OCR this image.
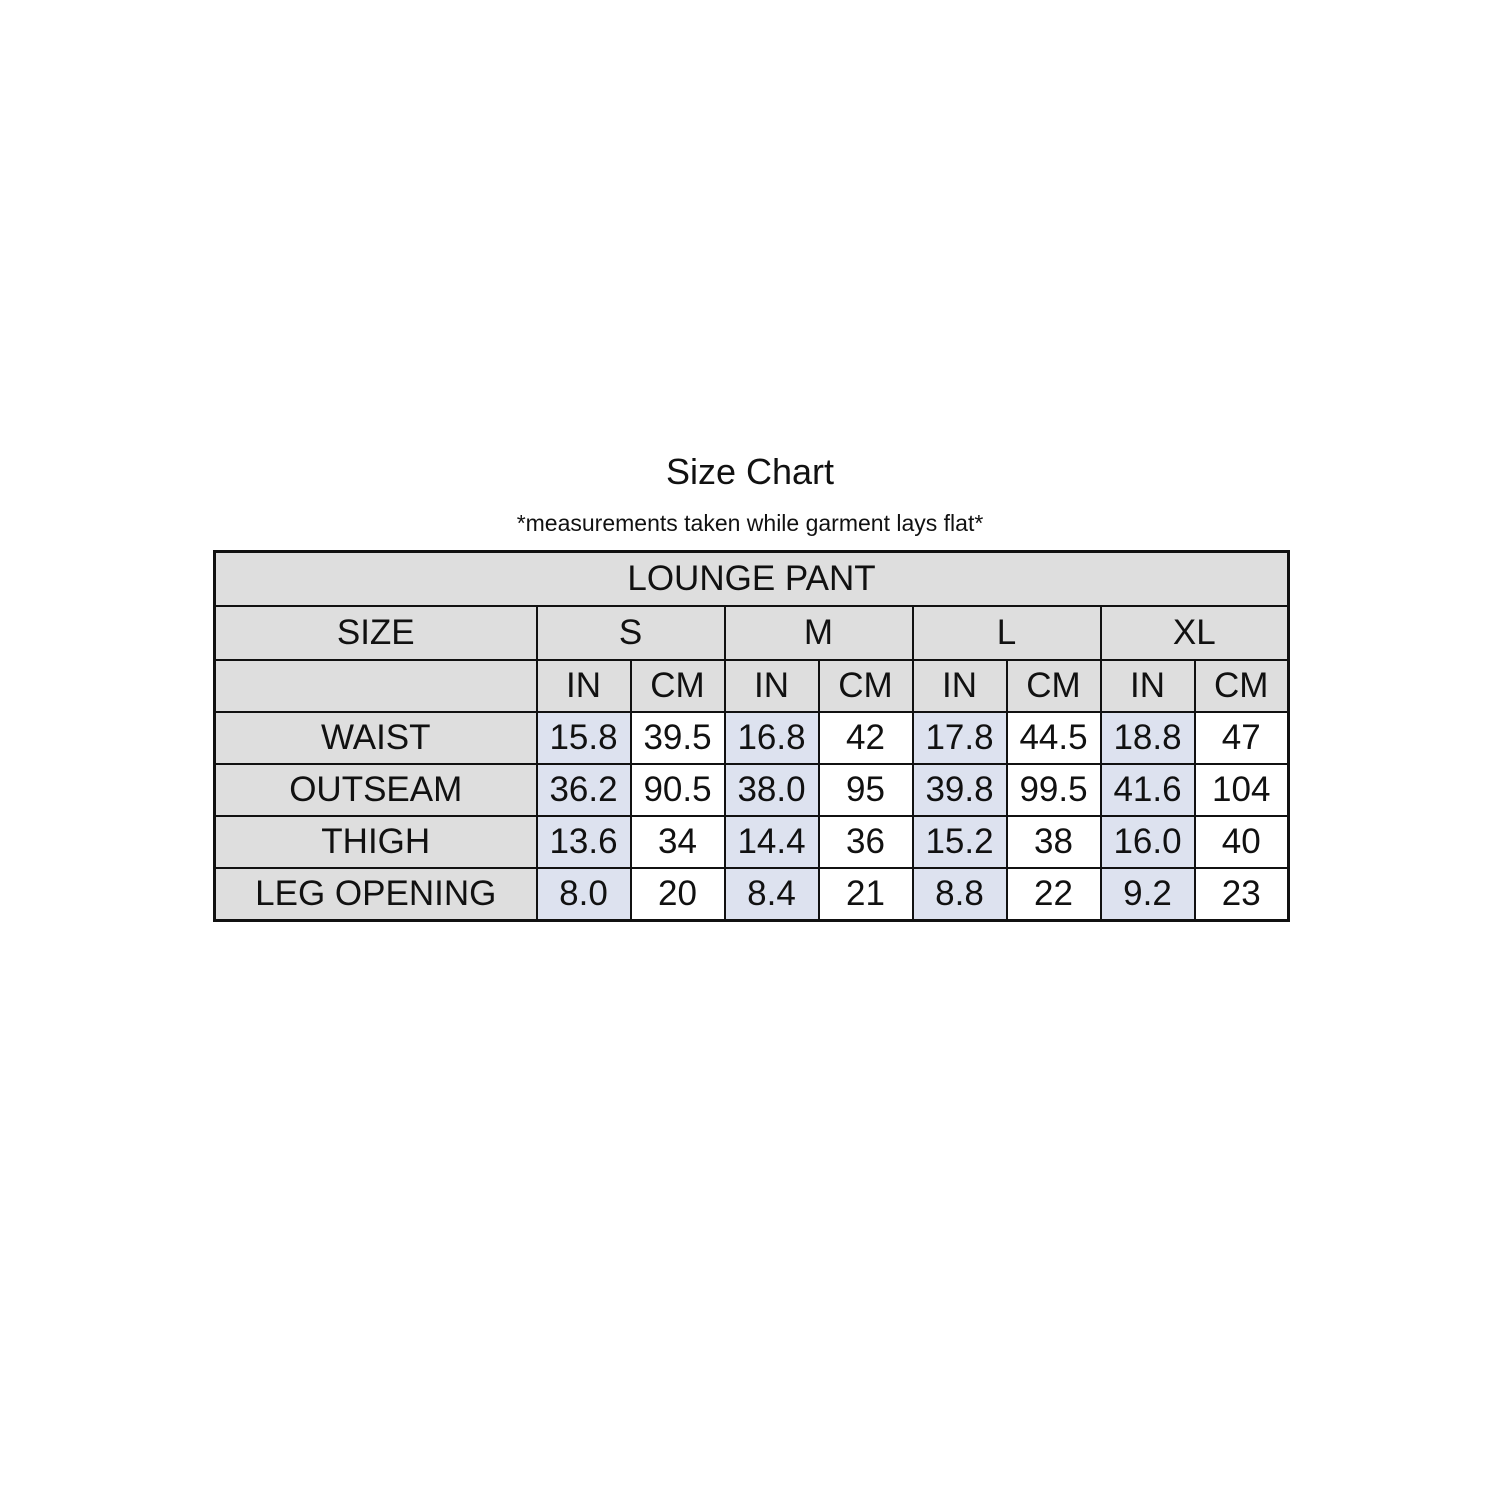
Size Chart
*measurements taken while garment lays flat*
LOUNGE PANT								
SIZE	S		M		L		XL	
	IN	CM	IN	CM	IN	CM	IN	CM
WAIST	15.8	39.5	16.8	42	17.8	44.5	18.8	47
OUTSEAM	36.2	90.5	38.0	95	39.8	99.5	41.6	104
THIGH	13.6	34	14.4	36	15.2	38	16.0	40
LEG OPENING	8.0	20	8.4	21	8.8	22	9.2	23
